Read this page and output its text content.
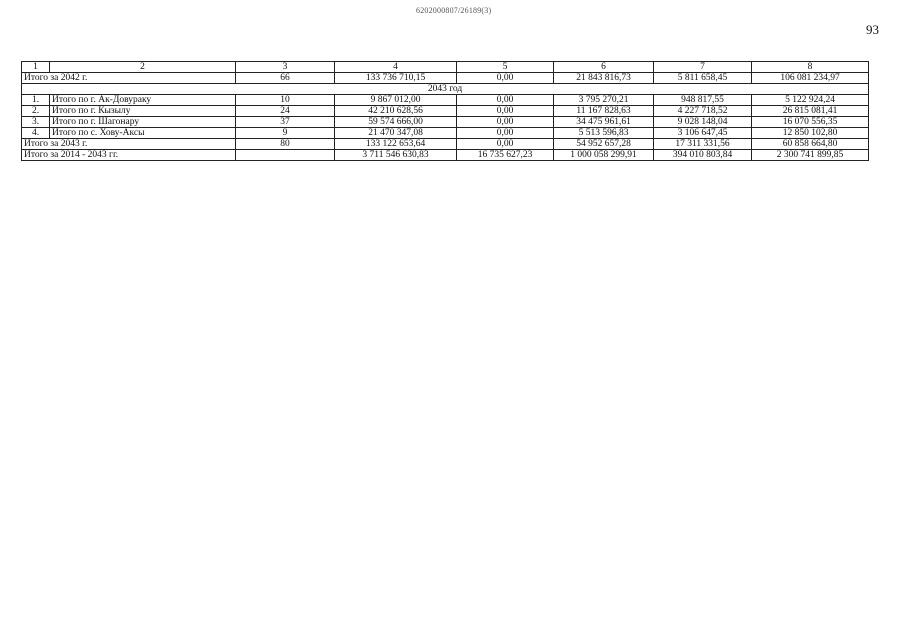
6202000807/26189(3)
93
1	2	3	4	5	6	7	8
Итого за 2042 г.		66	133 736 710,15	0,00	21 843 816,73	5 811 658,45	106 081 234,97
2043 год							
1.	Итого по г. Ак-Довураку	10	9 867 012,00	0,00	3 795 270,21	948 817,55	5 122 924,24
2.	Итого по г. Кызылу	24	42 210 628,56	0,00	11 167 828,63	4 227 718,52	26 815 081,41
3.	Итого по г. Шагонару	37	59 574 666,00	0,00	34 475 961,61	9 028 148,04	16 070 556,35
4.	Итого по с. Хову-Аксы	9	21 470 347,08	0,00	5 513 596,83	3 106 647,45	12 850 102,80
Итого за 2043 г.		80	133 122 653,64	0,00	54 952 657,28	17 311 331,56	60 858 664,80
Итого за 2014 - 2043 гг.			3 711 546 630,83	16 735 627,23	1 000 058 299,91	394 010 803,84	2 300 741 899,85
